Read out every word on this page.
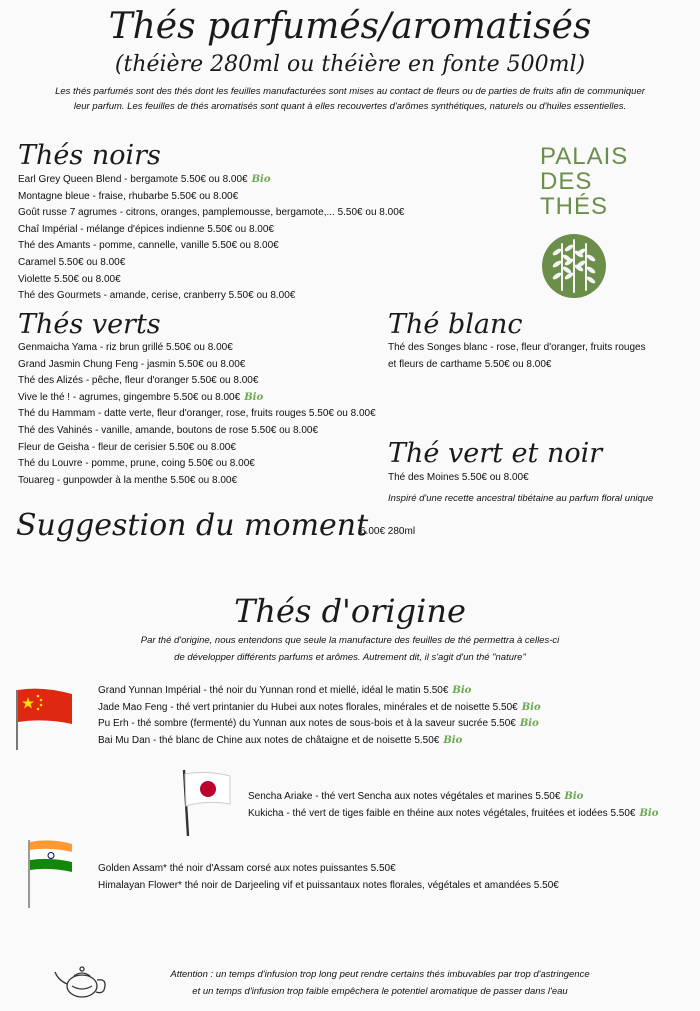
Thés parfumés/aromatisés
(théière 280ml ou théière en fonte 500ml)
Les thés parfumés sont des thés dont les feuilles manufacturées sont mises au contact de fleurs ou de parties de fruits afin de communiquer
leur parfum. Les feuilles de thés aromatisés sont quant à elles recouvertes d'arômes synthétiques, naturels ou d'huiles essentielles.
PALAIS
DES
THÉS
Thés noirs
Earl Grey Queen Blend - bergamote 5.50€ ou 8.00€ Bio
Montagne bleue - fraise, rhubarbe 5.50€ ou 8.00€
Goût russe 7 agrumes - citrons, oranges, pamplemousse, bergamote,... 5.50€ ou 8.00€
Chaî Impérial - mélange d'épices indienne 5.50€ ou 8.00€
Thé des Amants - pomme, cannelle, vanille 5.50€ ou 8.00€
Caramel 5.50€ ou 8.00€
Violette 5.50€ ou 8.00€
Thé des Gourmets - amande, cerise, cranberry 5.50€ ou 8.00€
Thés verts
Genmaicha Yama - riz brun grillé 5.50€ ou 8.00€
Grand Jasmin Chung Feng - jasmin 5.50€ ou 8.00€
Thé des Alizés - pêche, fleur d'oranger 5.50€ ou 8.00€
Vive le thé ! - agrumes, gingembre 5.50€ ou 8.00€ Bio
Thé du Hammam - datte verte, fleur d'oranger, rose, fruits rouges 5.50€ ou 8.00€
Thé des Vahinés - vanille, amande, boutons de rose 5.50€ ou 8.00€
Fleur de Geisha - fleur de cerisier 5.50€ ou 8.00€
Thé du Louvre - pomme, prune, coing 5.50€ ou 8.00€
Touareg - gunpowder à la menthe 5.50€ ou 8.00€
Thé blanc
Thé des Songes blanc - rose, fleur d'oranger, fruits rouges
et fleurs de carthame 5.50€ ou 8.00€
Thé vert et noir
Thé des Moines 5.50€ ou 8.00€
Inspiré d'une recette ancestral tibétaine au parfum floral unique
Suggestion du moment
6.00€ 280ml
Thés d'origine
Par thé d'origine, nous entendons que seule la manufacture des feuilles de thé permettra à celles-ci
de développer différents parfums et arômes. Autrement dit, il s'agit d'un thé "nature"
Grand Yunnan Impérial - thé noir du Yunnan rond et miellé, idéal le matin 5.50€ Bio
Jade Mao Feng - thé vert printanier du Hubei aux notes florales, minérales et de noisette 5.50€ Bio
Pu Erh - thé sombre (fermenté) du Yunnan aux notes de sous-bois et à la saveur sucrée 5.50€ Bio
Bai Mu Dan - thé blanc de Chine aux notes de châtaigne et de noisette 5.50€ Bio
Sencha Ariake - thé vert Sencha aux notes végétales et marines 5.50€ Bio
Kukicha - thé vert de tiges faible en théine aux notes végétales, fruitées et iodées 5.50€ Bio
Golden Assam* thé noir d'Assam corsé aux notes puissantes 5.50€
Himalayan Flower* thé noir de Darjeeling vif et puissantaux notes florales, végétales et amandées 5.50€
Attention : un temps d'infusion trop long peut rendre certains thés imbuvables par trop d'astringence
et un temps d'infusion trop faible empêchera le potentiel aromatique de passer dans l'eau
